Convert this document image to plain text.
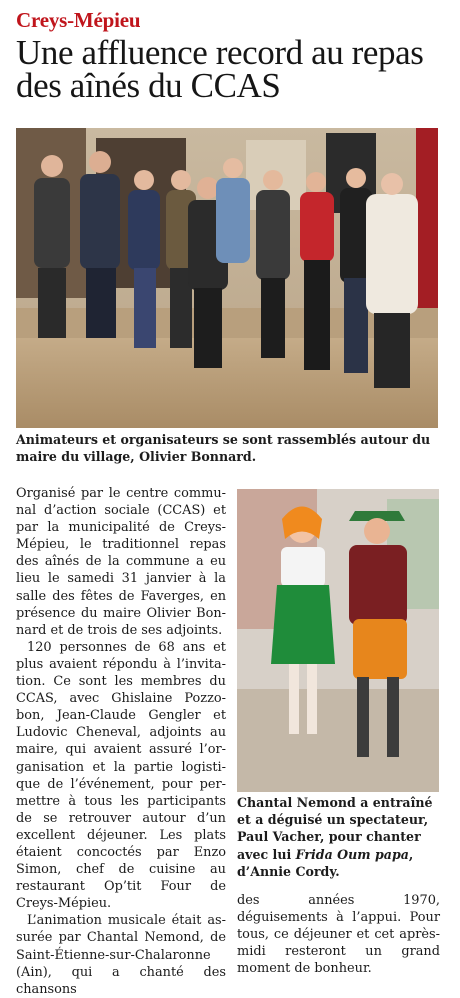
Creys-Mépieu
Une affluence record au repas des aînés du CCAS
Animateurs et organisateurs se sont rassemblés autour du maire du village, Olivier Bonnard.
Chantal Nemond a entraîné et a déguisé un spectateur, Paul Vacher, pour chanter avec lui Frida Oum papa, d’Annie Cordy.

Organisé par le centre communal d’action sociale (CCAS) et par la municipalité de Creys-Mépieu, le traditionnel repas des aînés de la commune a eu lieu le samedi 31 janvier à la salle des fêtes de Faverges, en présence du maire Olivier Bonnard et de trois de ses adjoints.

120 personnes de 68 ans et plus avaient répondu à l’invitation. Ce sont les membres du CCAS, avec Ghislaine Pozzobon, Jean-Claude Gengler et Ludovic Cheneval, adjoints au maire, qui avaient assuré l’organisation et la partie logistique de l’événement, pour permettre à tous les participants de se retrouver autour d’un excellent déjeuner. Les plats étaient concoctés par Enzo Simon, chef de cuisine au restaurant Op’tit Four de Creys-Mépieu.

L’animation musicale était assurée par Chantal Nemond, de Saint-Étienne-sur-Chalaronne (Ain), qui a chanté des chansons

des années 1970, déguisements à l’appui. Pour tous, ce déjeuner et cet après-midi resteront un grand moment de bonheur.
